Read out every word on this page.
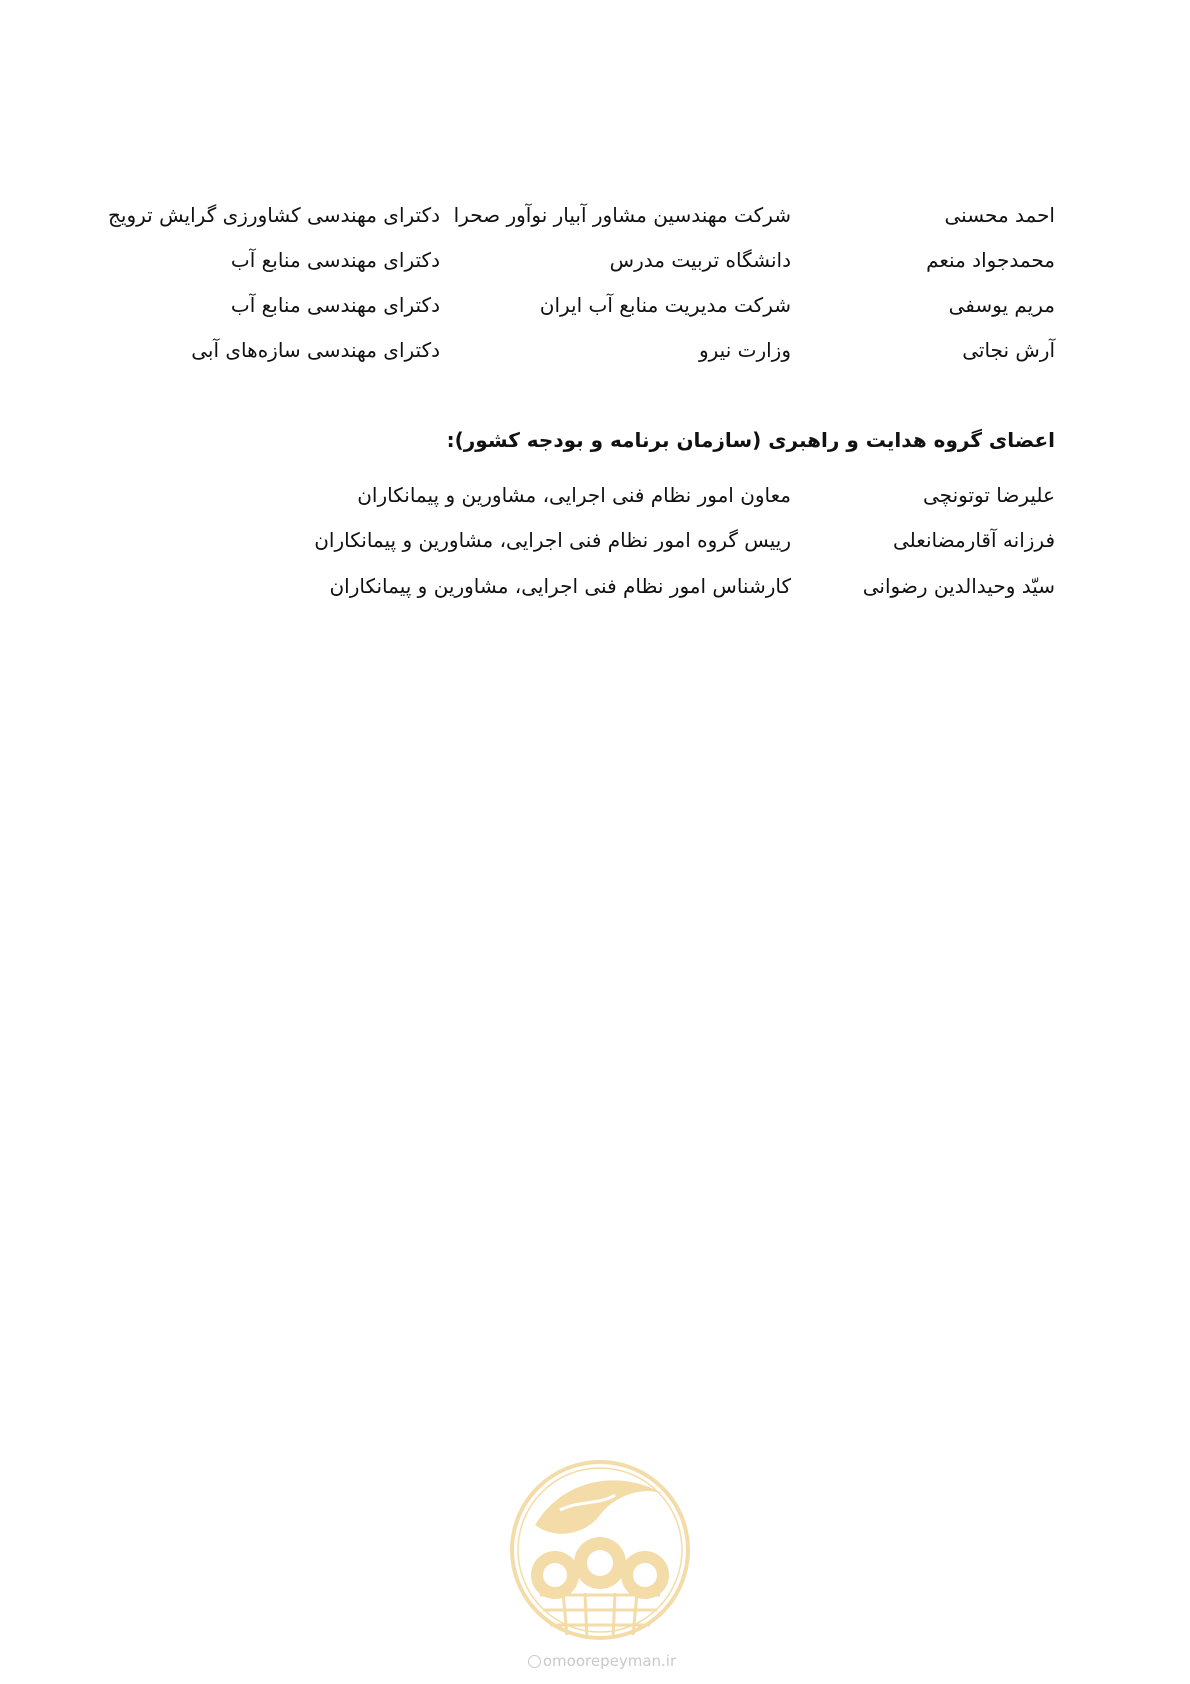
احمد محسنی
شرکت مهندسین مشاور آبیار نوآور صحرا
دکترای مهندسی کشاورزی گرایش ترویج
محمدجواد منعم
دانشگاه تربیت مدرس
دکترای مهندسی منابع آب
مریم یوسفی
شرکت مدیریت منابع آب ایران
دکترای مهندسی منابع آب
آرش نجاتی
وزارت نیرو
دکترای مهندسی سازه‌های آبی
اعضای گروه هدایت و راهبری (سازمان برنامه و بودجه کشور):
علیرضا توتونچی
معاون امور نظام فنی اجرایی، مشاورین و پیمانکاران
فرزانه آقارمضانعلی
رییس گروه امور نظام فنی اجرایی، مشاورین و پیمانکاران
سیّد وحیدالدین رضوانی
کارشناس امور نظام فنی اجرایی، مشاورین و پیمانکاران
omoorepeyman.ir
